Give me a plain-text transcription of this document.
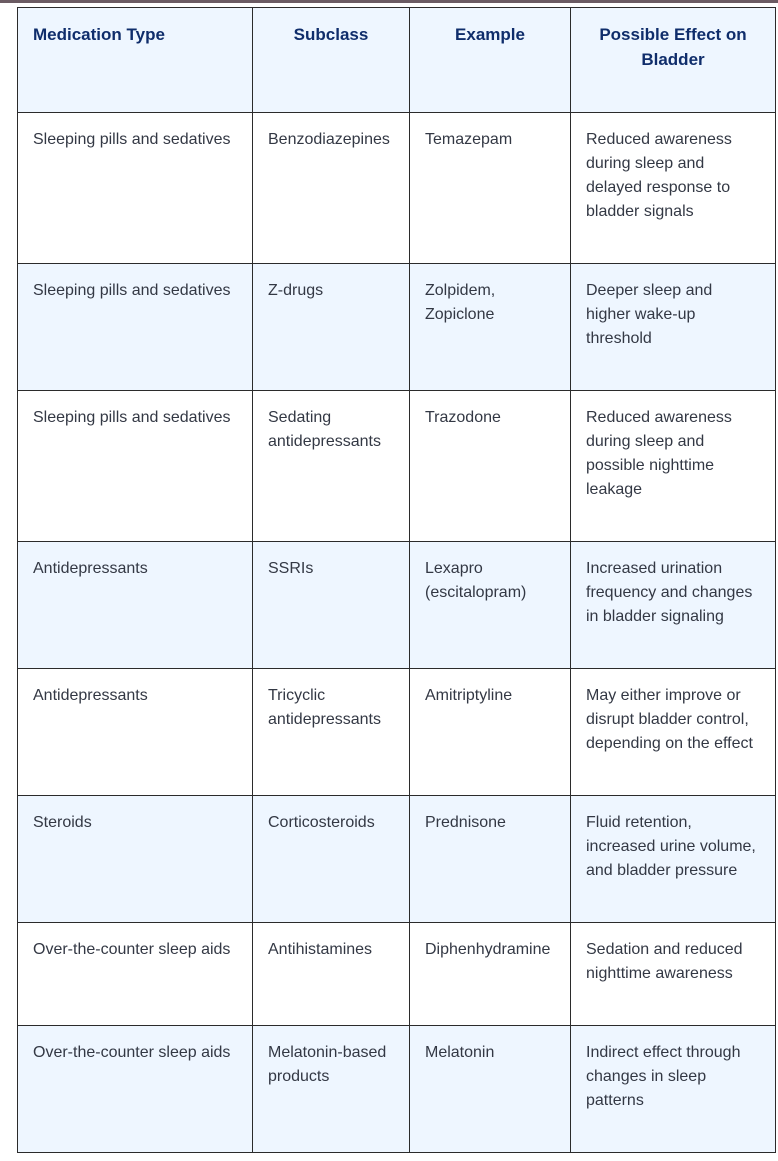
Medication Type	Subclass	Example	Possible Effect on Bladder
Sleeping pills and sedatives	Benzodiazepines	Temazepam	Reduced awareness during sleep and delayed response to bladder signals
Sleeping pills and sedatives	Z-drugs	Zolpidem, Zopiclone	Deeper sleep and higher wake-up threshold
Sleeping pills and sedatives	Sedating antidepressants	Trazodone	Reduced awareness during sleep and possible nighttime leakage
Antidepressants	SSRIs	Lexapro (escitalopram)	Increased urination frequency and changes in bladder signaling
Antidepressants	Tricyclic antidepressants	Amitriptyline	May either improve or disrupt bladder control, depending on the effect
Steroids	Corticosteroids	Prednisone	Fluid retention, increased urine volume, and bladder pressure
Over-the-counter sleep aids	Antihistamines	Diphenhydramine	Sedation and reduced nighttime awareness
Over-the-counter sleep aids	Melatonin-based products	Melatonin	Indirect effect through changes in sleep patterns
